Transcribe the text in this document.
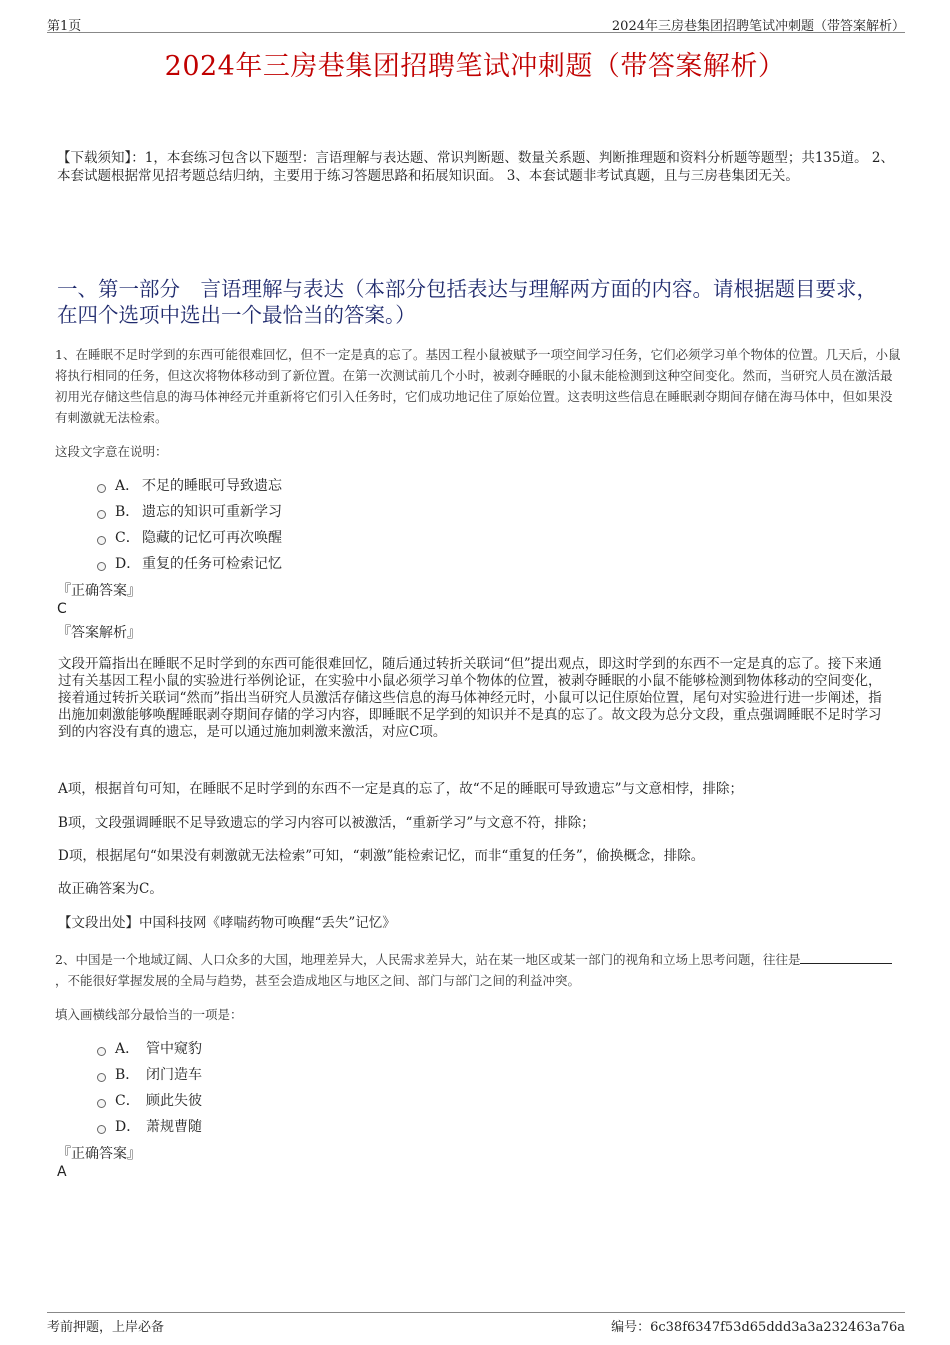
第1页	2024年三房巷集团招聘笔试冲刺题（带答案解析）
2024年三房巷集团招聘笔试冲刺题（带答案解析）
【下载须知】：1，本套练习包含以下题型：言语理解与表达题、常识判断题、数量关系题、判断推理题和资料分析题等题型；共135道。 2、本套试题根据常见招考题总结归纳，主要用于练习答题思路和拓展知识面。 3、本套试题非考试真题，且与三房巷集团无关。
一、第一部分　言语理解与表达（本部分包括表达与理解两方面的内容。请根据题目要求，在四个选项中选出一个最恰当的答案。）
1、在睡眠不足时学到的东西可能很难回忆，但不一定是真的忘了。基因工程小鼠被赋予一项空间学习任务，它们必须学习单个物体的位置。几天后，小鼠将执行相同的任务，但这次将物体移动到了新位置。在第一次测试前几个小时，被剥夺睡眠的小鼠未能检测到这种空间变化。然而，当研究人员在激活最初用光存储这些信息的海马体神经元并重新将它们引入任务时，它们成功地记住了原始位置。这表明这些信息在睡眠剥夺期间存储在海马体中，但如果没有刺激就无法检索。
这段文字意在说明：
A． 不足的睡眠可导致遗忘
B． 遗忘的知识可重新学习
C． 隐藏的记忆可再次唤醒
D． 重复的任务可检索记忆
『正确答案』
C
『答案解析』
文段开篇指出在睡眠不足时学到的东西可能很难回忆，随后通过转折关联词“但”提出观点，即这时学到的东西不一定是真的忘了。接下来通过有关基因工程小鼠的实验进行举例论证，在实验中小鼠必须学习单个物体的位置，被剥夺睡眠的小鼠不能够检测到物体移动的空间变化，接着通过转折关联词“然而”指出当研究人员激活存储这些信息的海马体神经元时，小鼠可以记住原始位置，尾句对实验进行进一步阐述，指出施加刺激能够唤醒睡眠剥夺期间存储的学习内容，即睡眠不足学到的知识并不是真的忘了。故文段为总分文段，重点强调睡眠不足时学习到的内容没有真的遗忘，是可以通过施加刺激来激活，对应C项。
A项，根据首句可知，在睡眠不足时学到的东西不一定是真的忘了，故“不足的睡眠可导致遗忘”与文意相悖，排除；
B项，文段强调睡眠不足导致遗忘的学习内容可以被激活，“重新学习”与文意不符，排除；
D项，根据尾句“如果没有刺激就无法检索”可知，“刺激”能检索记忆，而非“重复的任务”，偷换概念，排除。
故正确答案为C。
【文段出处】中国科技网《哮喘药物可唤醒“丢失”记忆》
2、中国是一个地域辽阔、人口众多的大国，地理差异大，人民需求差异大，站在某一地区或某一部门的视角和立场上思考问题，往往是，不能很好掌握发展的全局与趋势，甚至会造成地区与地区之间、部门与部门之间的利益冲突。
填入画横线部分最恰当的一项是：
A． 管中窥豹
B． 闭门造车
C． 顾此失彼
D． 萧规曹随
『正确答案』
A
考前押题，上岸必备	编号：6c38f6347f53d65ddd3a3a232463a76a
